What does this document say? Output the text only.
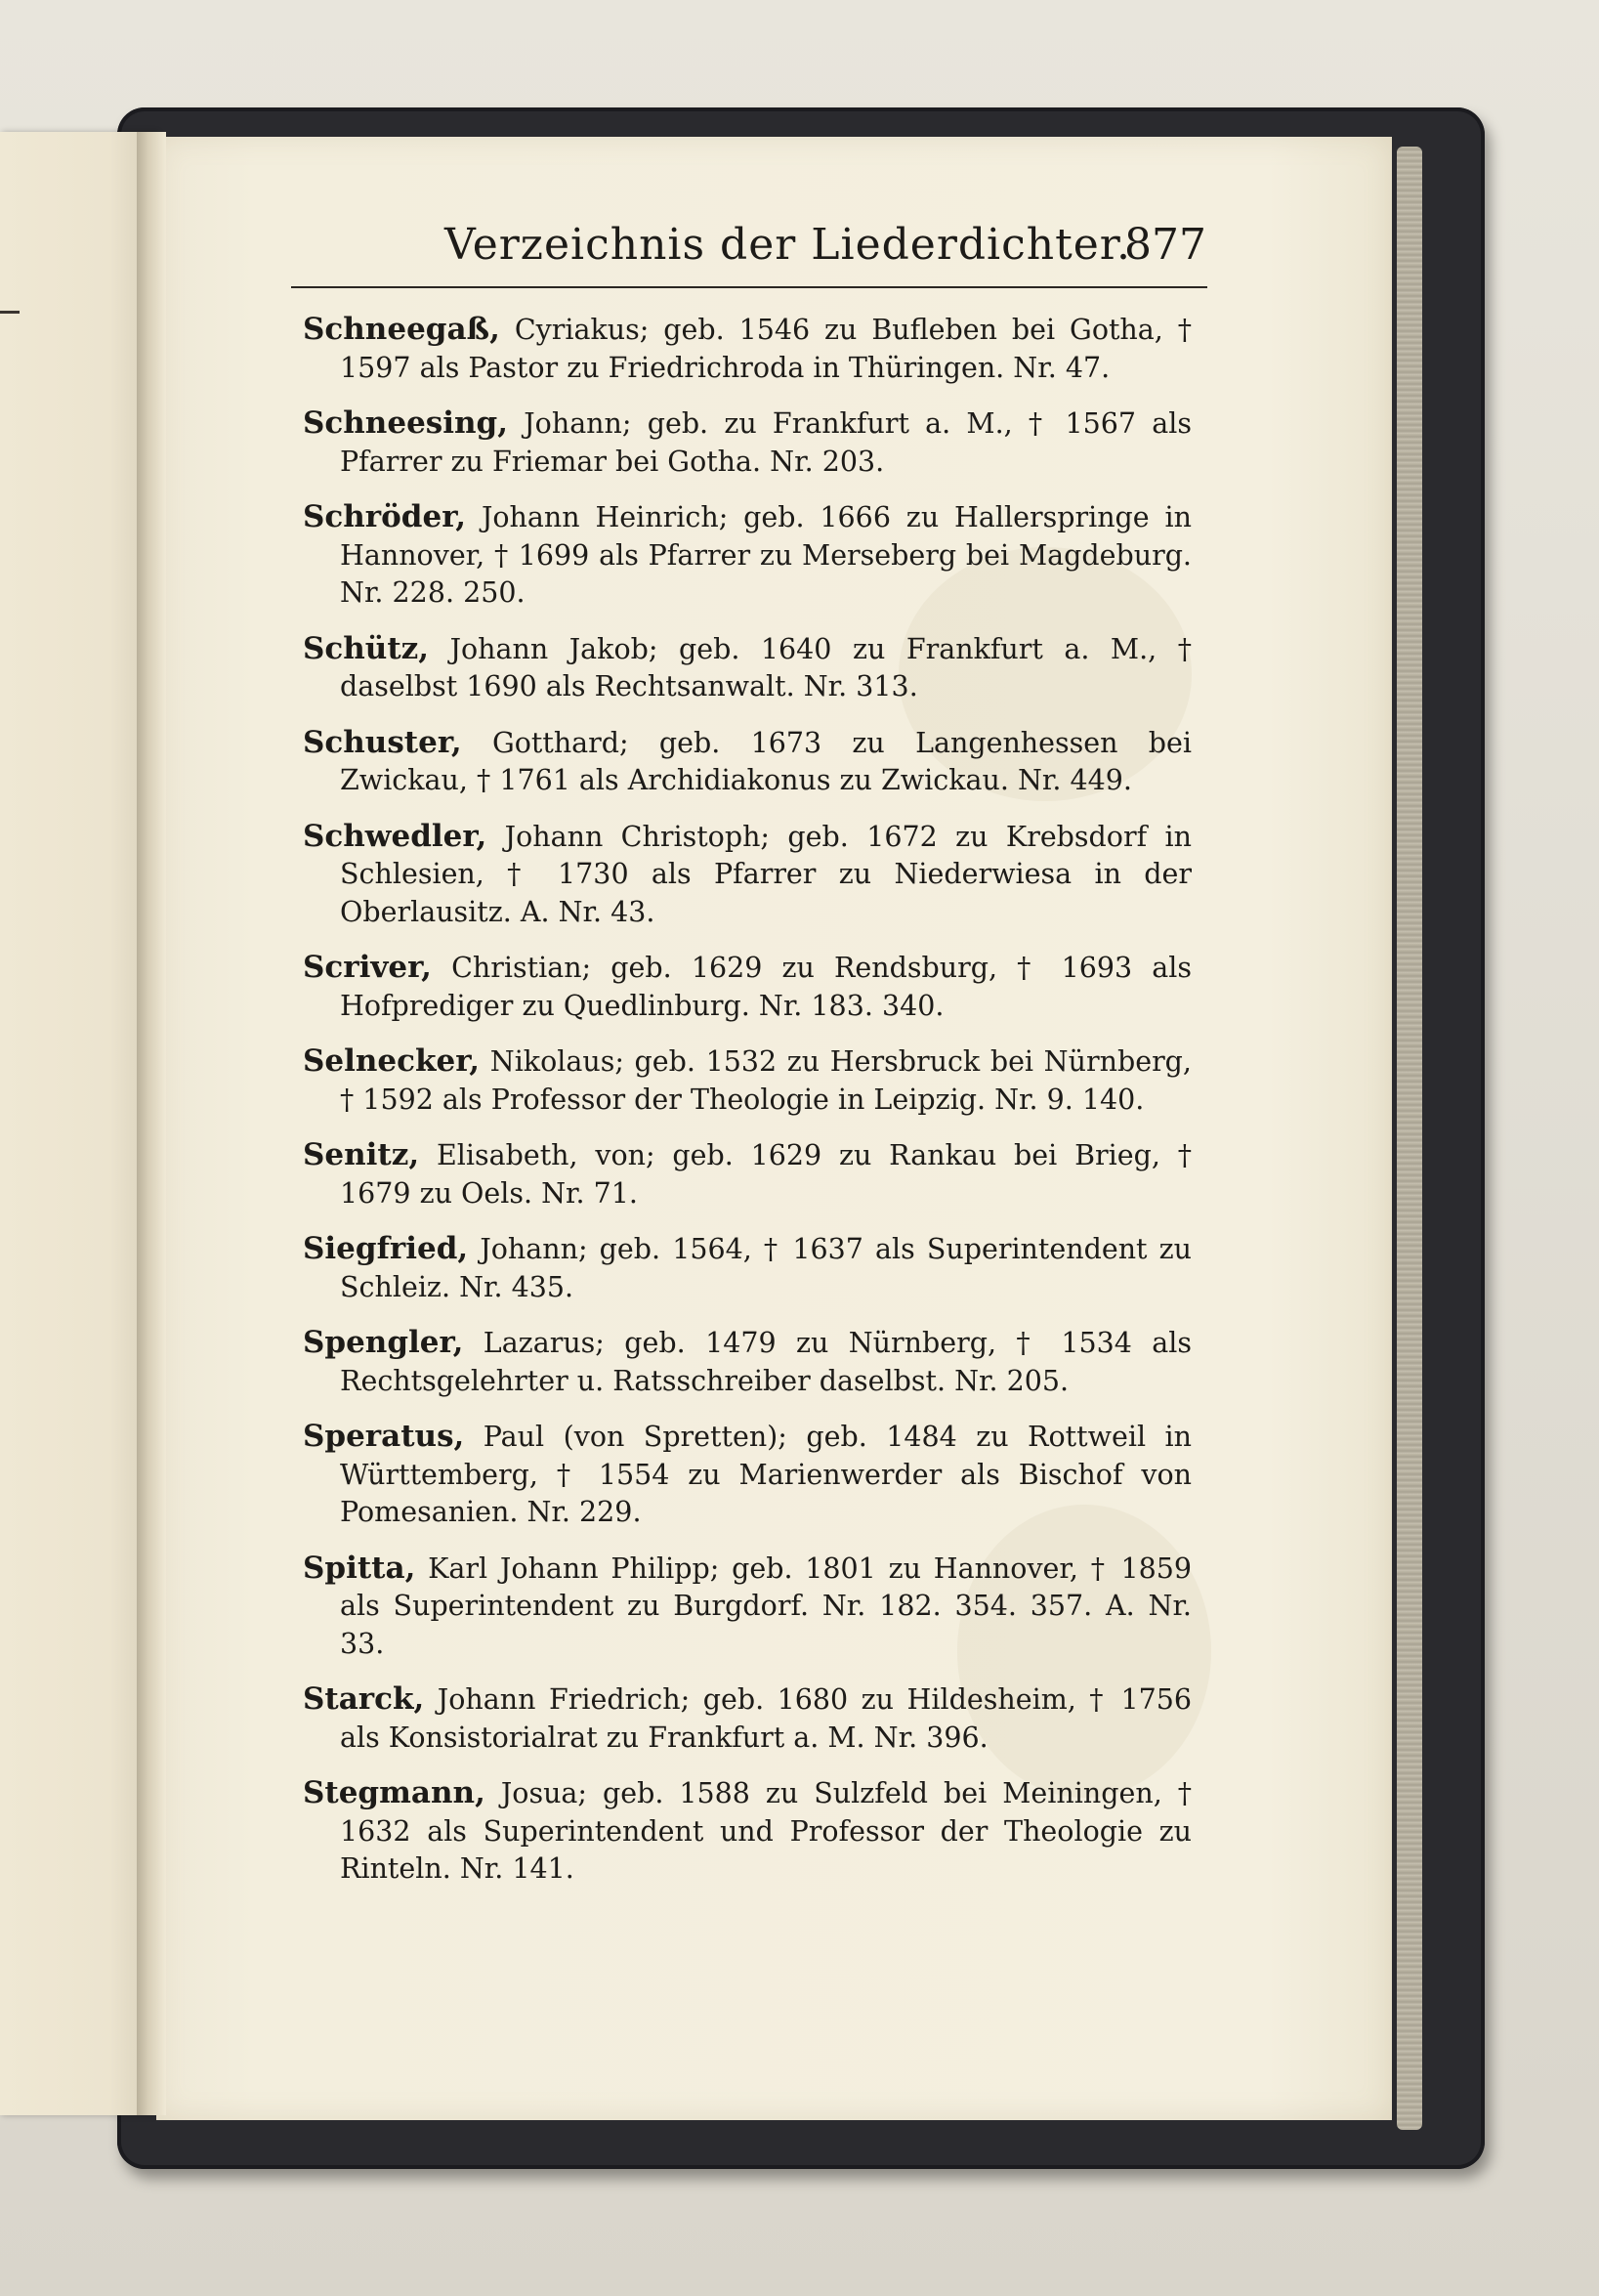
Verzeichnis der Liederdichter.
877
Schneegaß, Cyriakus; geb. 1546 zu Bufleben bei Gotha, † 1597 als Pastor zu Friedrichroda in Thüringen. Nr. 47.
Schneesing, Johann; geb. zu Frankfurt a. M., † 1567 als Pfarrer zu Friemar bei Gotha. Nr. 203.
Schröder, Johann Heinrich; geb. 1666 zu Hallerspringe in Hannover, † 1699 als Pfarrer zu Merseberg bei Magdeburg. Nr. 228. 250.
Schütz, Johann Jakob; geb. 1640 zu Frankfurt a. M., † daselbst 1690 als Rechtsanwalt. Nr. 313.
Schuster, Gotthard; geb. 1673 zu Langenhessen bei Zwickau, † 1761 als Archidiakonus zu Zwickau. Nr. 449.
Schwedler, Johann Christoph; geb. 1672 zu Krebsdorf in Schlesien, † 1730 als Pfarrer zu Niederwiesa in der Oberlausitz. A. Nr. 43.
Scriver, Christian; geb. 1629 zu Rendsburg, † 1693 als Hofprediger zu Quedlinburg. Nr. 183. 340.
Selnecker, Nikolaus; geb. 1532 zu Hersbruck bei Nürnberg, † 1592 als Professor der Theologie in Leipzig. Nr. 9. 140.
Senitz, Elisabeth, von; geb. 1629 zu Rankau bei Brieg, † 1679 zu Oels. Nr. 71.
Siegfried, Johann; geb. 1564, † 1637 als Superintendent zu Schleiz. Nr. 435.
Spengler, Lazarus; geb. 1479 zu Nürnberg, † 1534 als Rechtsgelehrter u. Ratsschreiber daselbst. Nr. 205.
Speratus, Paul (von Spretten); geb. 1484 zu Rottweil in Württemberg, † 1554 zu Marienwerder als Bischof von Pomesanien. Nr. 229.
Spitta, Karl Johann Philipp; geb. 1801 zu Hannover, † 1859 als Superintendent zu Burgdorf. Nr. 182. 354. 357. A. Nr. 33.
Starck, Johann Friedrich; geb. 1680 zu Hildesheim, † 1756 als Konsistorialrat zu Frankfurt a. M. Nr. 396.
Stegmann, Josua; geb. 1588 zu Sulzfeld bei Meiningen, † 1632 als Superintendent und Professor der Theologie zu Rinteln. Nr. 141.
